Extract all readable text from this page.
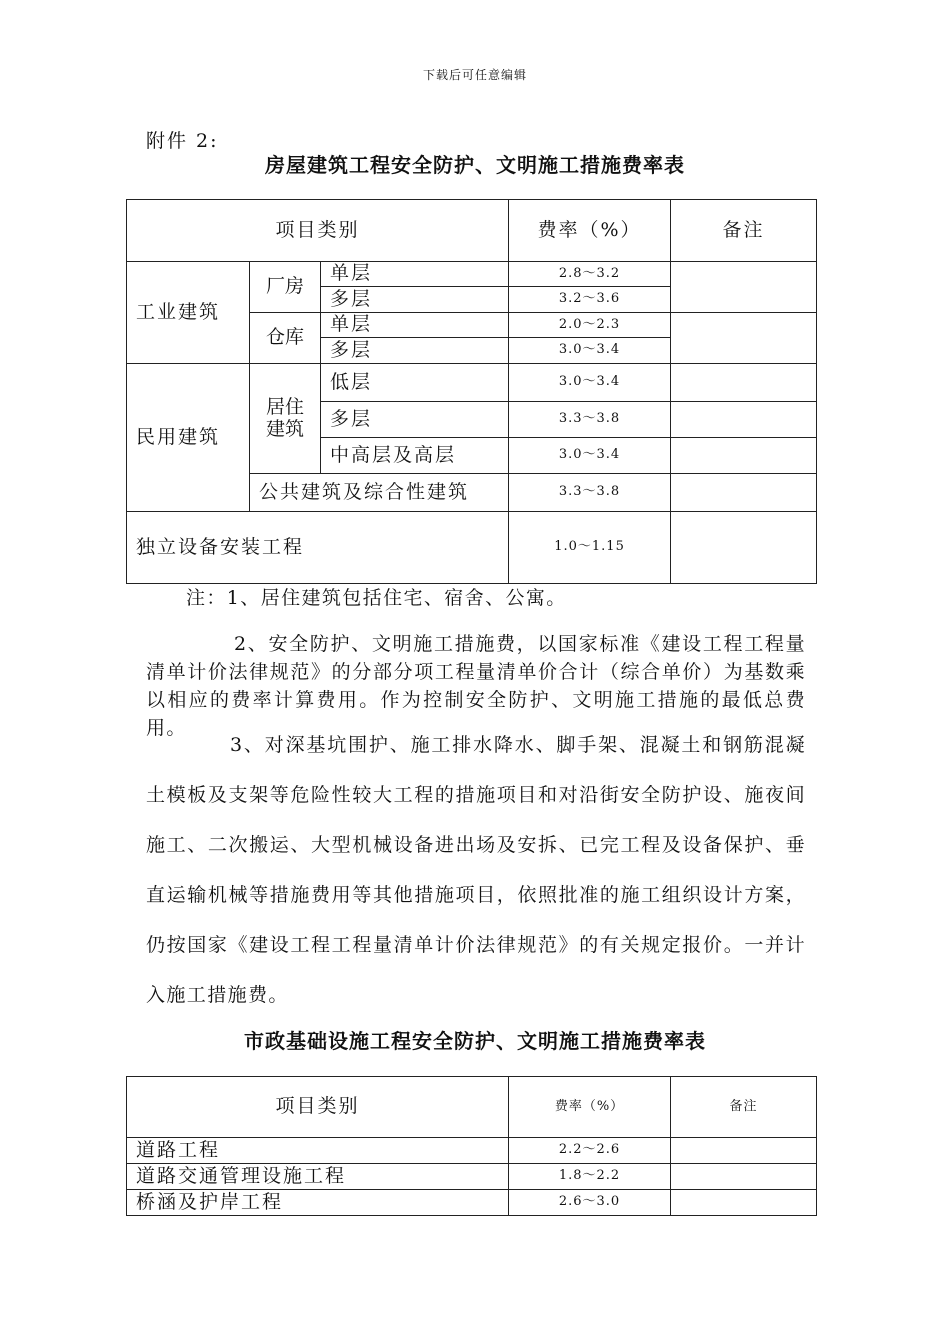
下载后可任意编辑
附件 2:
房屋建筑工程安全防护、文明施工措施费率表
项目类别			费率（%）	备注
工业建筑	厂房	单层	2.8～3.2	
		多层	3.2～3.6	
	仓库	单层	2.0～2.3	
		多层	3.0～3.4	
民用建筑	居住建筑	低层	3.0～3.4	
		多层	3.3～3.8	
		中高层及高层	3.0～3.4	
	公共建筑及综合性建筑		3.3～3.8	
独立设备安装工程			1.0～1.15	

注：1、居住建筑包括住宅、宿舍、公寓。

2、安全防护、文明施工措施费，以国家标准《建设工程工程量清单计价法律规范》的分部分项工程量清单价合计（综合单价）为基数乘以相应的费率计算费用。作为控制安全防护、文明施工措施的最低总费用。

3、对深基坑围护、施工排水降水、脚手架、混凝土和钢筋混凝土模板及支架等危险性较大工程的措施项目和对沿街安全防护设、施夜间施工、二次搬运、大型机械设备进出场及安拆、已完工程及设备保护、垂直运输机械等措施费用等其他措施项目，依照批准的施工组织设计方案，仍按国家《建设工程工程量清单计价法律规范》的有关规定报价。一并计入施工措施费。

市政基础设施工程安全防护、文明施工措施费率表
项目类别	费率（%）	备注
道路工程	2.2～2.6	
道路交通管理设施工程	1.8～2.2	
桥涵及护岸工程	2.6～3.0	
